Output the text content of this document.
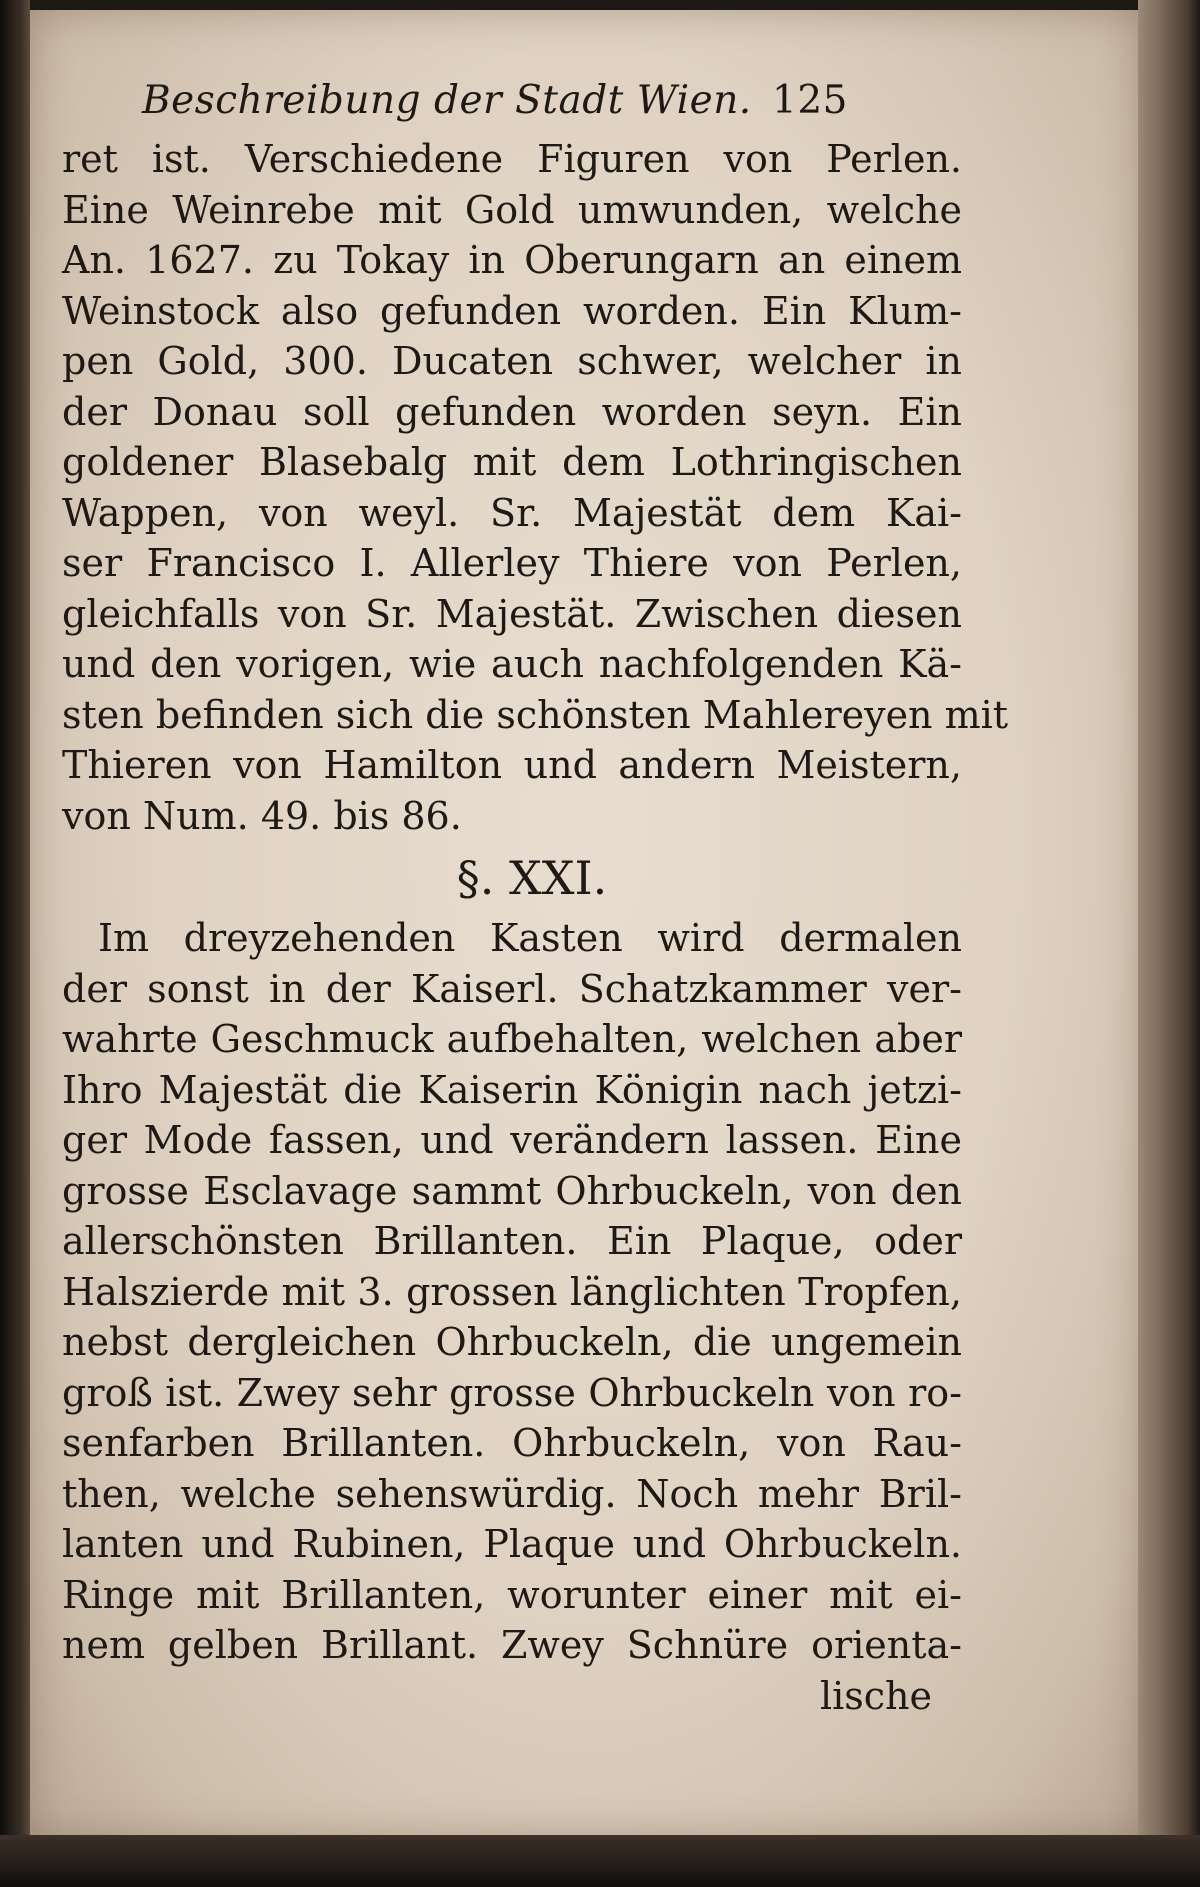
Beschreibung der Stadt Wien. 125
ret ist. Verschiedene Figuren von Perlen.
Eine Weinrebe mit Gold umwunden, welche
An. 1627. zu Tokay in Oberungarn an einem
Weinstock also gefunden worden. Ein Klum-
pen Gold, 300. Ducaten schwer, welcher in
der Donau soll gefunden worden seyn. Ein
goldener Blasebalg mit dem Lothringischen
Wappen, von weyl. Sr. Majestät dem Kai-
ser Francisco I. Allerley Thiere von Perlen,
gleichfalls von Sr. Majestät. Zwischen diesen
und den vorigen, wie auch nachfolgenden Kä-
sten befinden sich die schönsten Mahlereyen mit
Thieren von Hamilton und andern Meistern,
von Num. 49. bis 86.
§. XXI.
Im dreyzehenden Kasten wird dermalen
der sonst in der Kaiserl. Schatzkammer ver-
wahrte Geschmuck aufbehalten, welchen aber
Ihro Majestät die Kaiserin Königin nach jetzi-
ger Mode fassen, und verändern lassen. Eine
grosse Esclavage sammt Ohrbuckeln, von den
allerschönsten Brillanten. Ein Plaque, oder
Halszierde mit 3. grossen länglichten Tropfen,
nebst dergleichen Ohrbuckeln, die ungemein
groß ist. Zwey sehr grosse Ohrbuckeln von ro-
senfarben Brillanten. Ohrbuckeln, von Rau-
then, welche sehenswürdig. Noch mehr Bril-
lanten und Rubinen, Plaque und Ohrbuckeln.
Ringe mit Brillanten, worunter einer mit ei-
nem gelben Brillant. Zwey Schnüre orienta-
lische
